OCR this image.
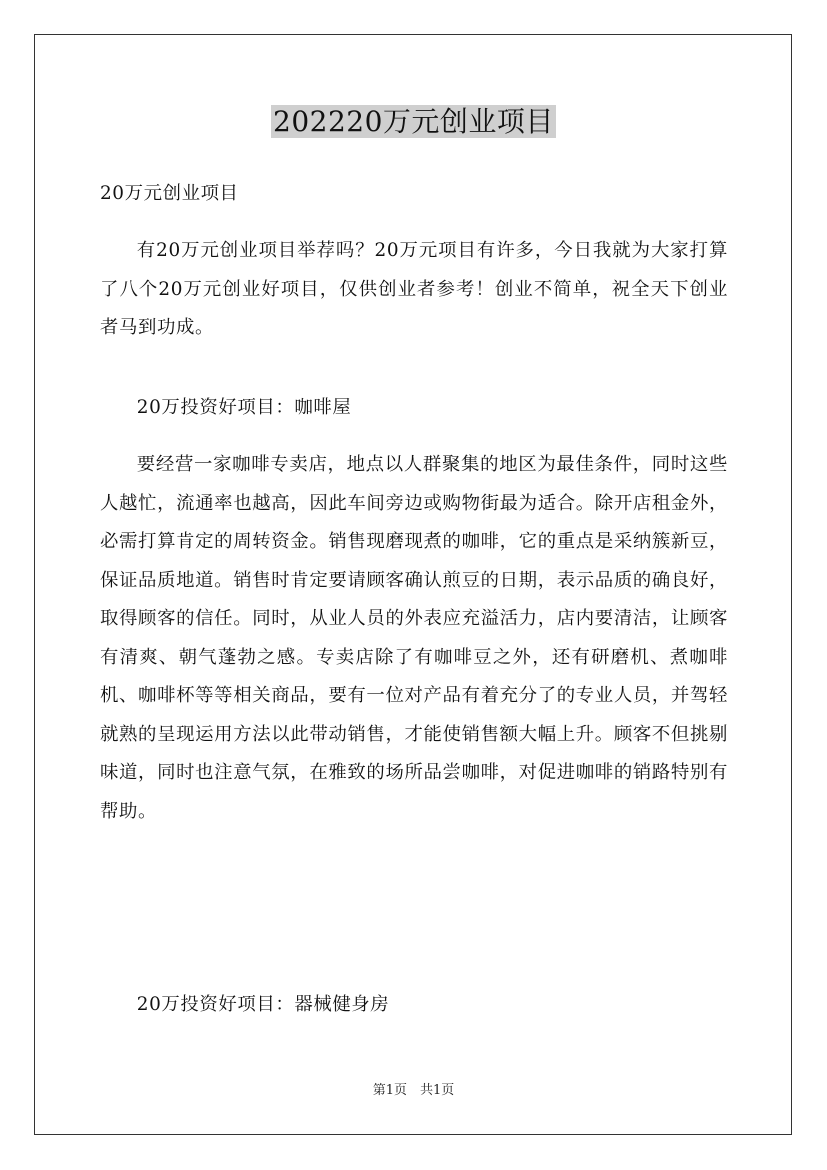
202220万元创业项目

20万元创业项目

有20万元创业项目举荐吗？20万元项目有许多，今日我就为大家打算了八个20万元创业好项目，仅供创业者参考！创业不简单，祝全天下创业者马到功成。

20万投资好项目：咖啡屋

要经营一家咖啡专卖店，地点以人群聚集的地区为最佳条件，同时这些人越忙，流通率也越高，因此车间旁边或购物街最为适合。除开店租金外，必需打算肯定的周转资金。销售现磨现煮的咖啡，它的重点是采纳簇新豆，保证品质地道。销售时肯定要请顾客确认煎豆的日期，表示品质的确良好，取得顾客的信任。同时，从业人员的外表应充溢活力，店内要清洁，让顾客有清爽、朝气蓬勃之感。专卖店除了有咖啡豆之外，还有研磨机、煮咖啡机、咖啡杯等等相关商品，要有一位对产品有着充分了的专业人员，并驾轻就熟的呈现运用方法以此带动销售，才能使销售额大幅上升。顾客不但挑剔味道，同时也注意气氛，在雅致的场所品尝咖啡，对促进咖啡的销路特别有帮助。

20万投资好项目：器械健身房

第1页　共1页
